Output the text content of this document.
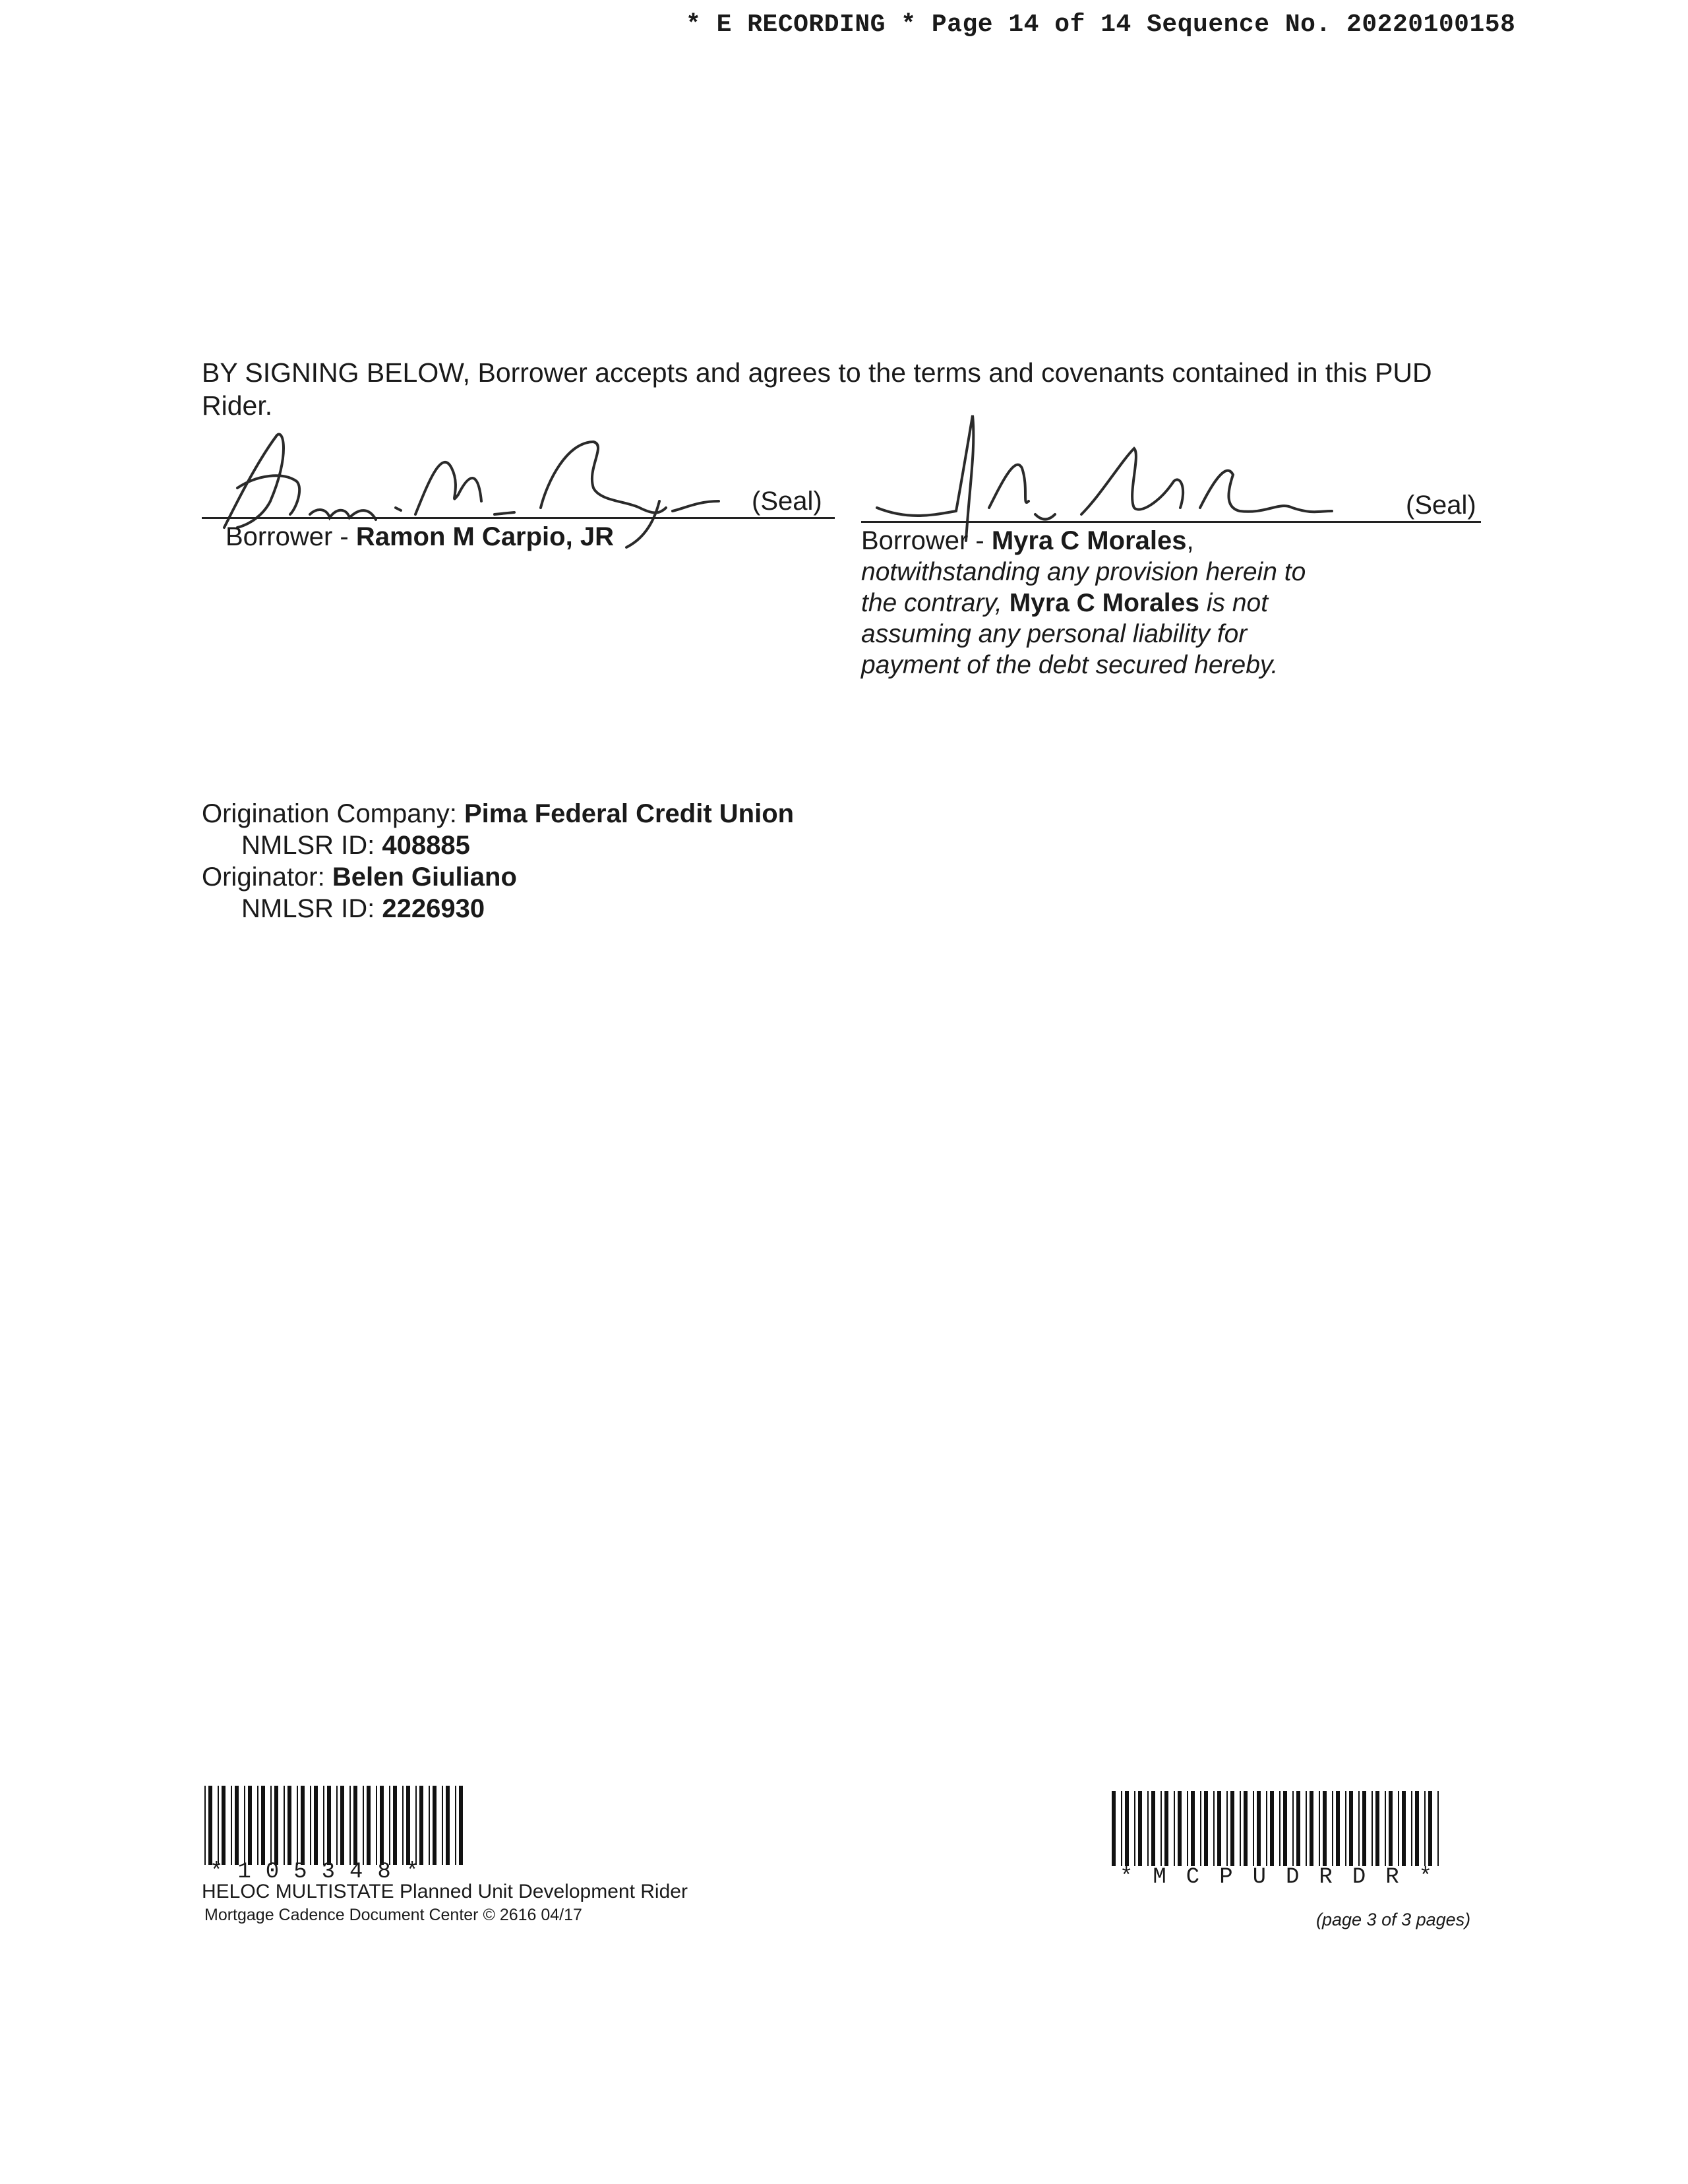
* E RECORDING * Page 14 of 14 Sequence No. 20220100158
BY SIGNING BELOW, Borrower accepts and agrees to the terms and covenants contained in this PUD Rider.
(Seal)
Borrower - Ramon M Carpio, JR
(Seal)
Borrower - Myra C Morales,
notwithstanding any provision herein to the contrary, Myra C Morales is not assuming any personal liability for payment of the debt secured hereby.
Origination Company: Pima Federal Credit Union
NMLSR ID: 408885
Originator: Belen Giuliano
NMLSR ID: 2226930
*105348*
HELOC MULTISTATE Planned Unit Development Rider
Mortgage Cadence Document Center © 2616 04/17
*MCPUDRDR*
(page 3 of 3 pages)
